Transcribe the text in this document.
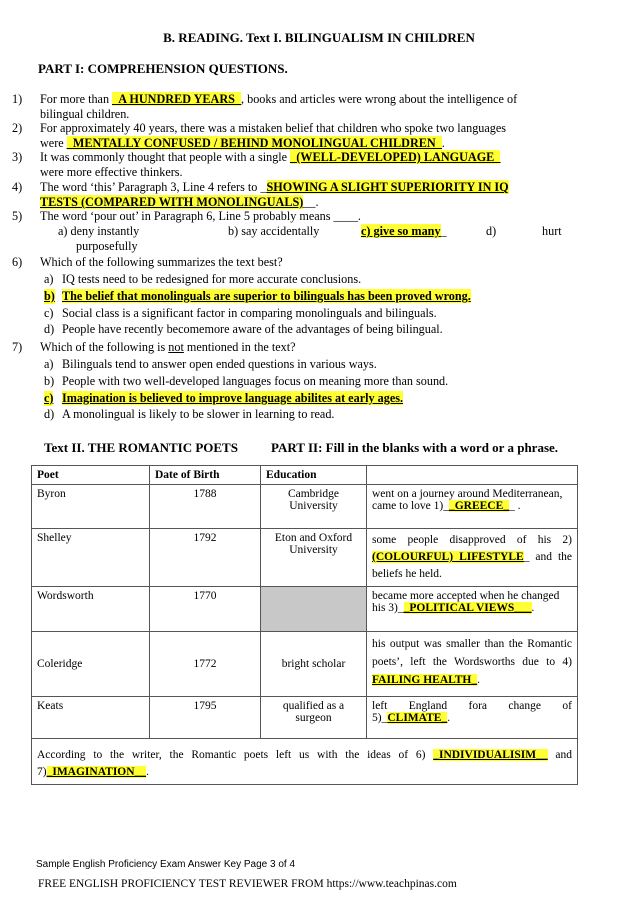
B. READING. Text I. BILINGUALISM IN CHILDREN
PART I: COMPREHENSION QUESTIONS.
1) For more than _A HUNDRED YEARS_, books and articles were wrong about the intelligence of
bilingual children.
2) For approximately 40 years, there was a mistaken belief that children who spoke two languages
were _MENTALLY CONFUSED / BEHIND MONOLINGUAL CHILDREN_.
3) It was commonly thought that people with a single _(WELL-DEVELOPED) LANGUAGE_
were more effective thinkers.
4) The word ‘this’ Paragraph 3, Line 4 refers to _SHOWING A SLIGHT SUPERIORITY IN IQ
TESTS (COMPARED WITH MONOLINGUALS)__.
5) The word ‘pour out’ in Paragraph 6, Line 5 probably means ____.
a) deny instantly
purposefully
b) say accidentally	c) give so many_	d)	hurt
6) Which of the following summarizes the text best?
a) IQ tests need to be redesigned for more accurate conclusions.
b) The belief that monolinguals are superior to bilinguals has been proved wrong.
c) Social class is a significant factor in comparing monolinguals and bilinguals.
d) People have recently becomemore aware of the advantages of being bilingual.
7) Which of the following is not mentioned in the text?
a) Bilinguals tend to answer open ended questions in various ways.
b) People with two well-developed languages focus on meaning more than sound.
c) Imagination is believed to improve language abilites at early ages.
d) A monolingual is likely to be slower in learning to read.
Text II. THE ROMANTIC POETS	PART II: Fill in the blanks with a word or a phrase.
Poet	Date of Birth	Education	
Byron	1788	Cambridge University	went on a journey around Mediterranean, came to love 1)__GREECE__ .
Shelley	1792	Eton and Oxford University	some people disapproved of his 2) (COLOURFUL) LIFESTYLE_ and the beliefs he held.
Wordsworth	1770		became more accepted when he changed his 3)__POLITICAL VIEWS___.
Coleridge	1772	bright scholar	his output was smaller than the Romantic poets’, left the Wordsworths due to 4) FAILING HEALTH_.
Keats	1795	qualified as a surgeon	left England fora change of 5)_CLIMATE_.
According to the writer, the Romantic poets left us with the ideas of 6) _INDIVIDUALISIM__ and 7)_IMAGINATION__.			
Sample English Proficiency Exam Answer Key Page 3 of 4
FREE ENGLISH PROFICIENCY TEST REVIEWER FROM https://www.teachpinas.com
